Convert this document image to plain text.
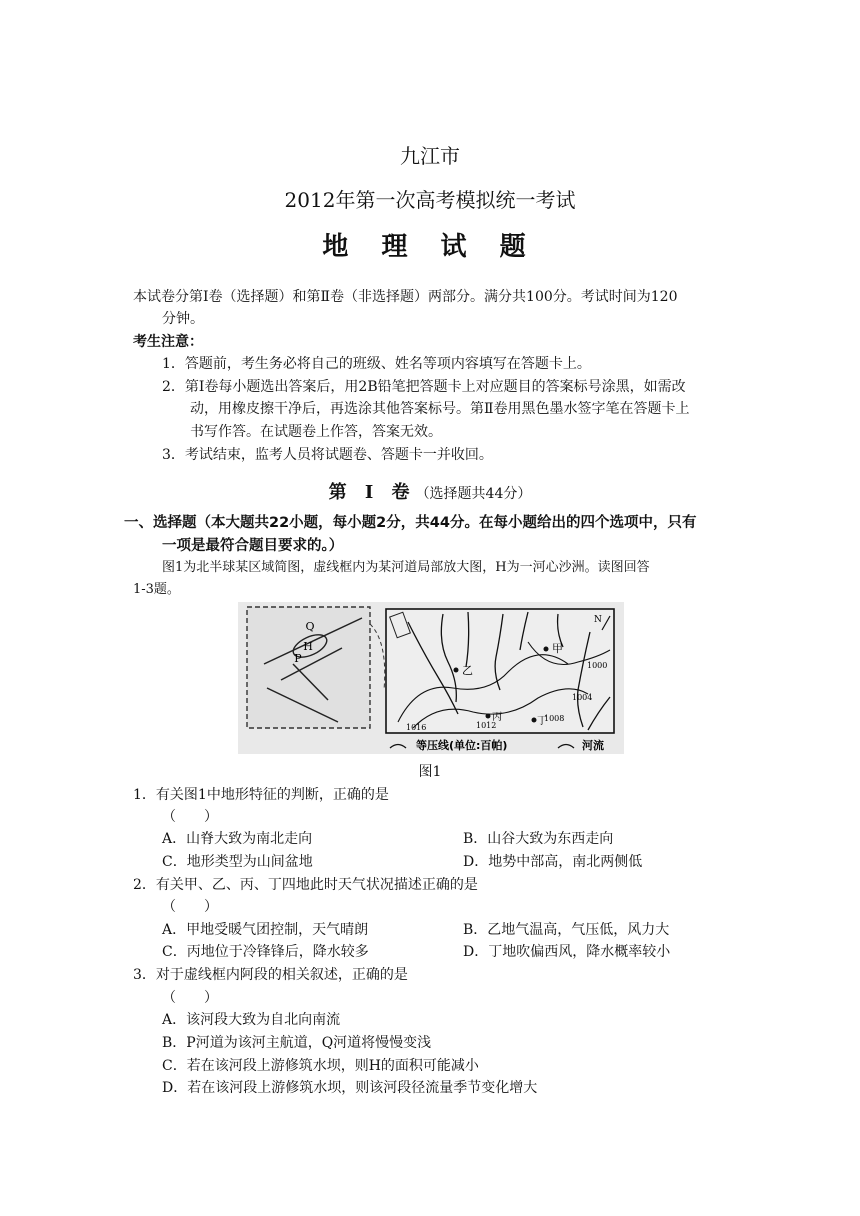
九江市
2012年第一次高考模拟统一考试
地 理 试 题
本试卷分第Ⅰ卷（选择题）和第Ⅱ卷（非选择题）两部分。满分共100分。考试时间为120
分钟。
考生注意：
1．答题前，考生务必将自己的班级、姓名等项内容填写在答题卡上。
2．第Ⅰ卷每小题选出答案后，用2B铅笔把答题卡上对应题目的答案标号涂黑，如需改
动，用橡皮擦干净后，再选涂其他答案标号。第Ⅱ卷用黑色墨水签字笔在答题卡上
书写作答。在试题卷上作答，答案无效。
3．考试结束，监考人员将试题卷、答题卡一并收回。
第 Ⅰ 卷（选择题共44分）
一、选择题（本大题共22小题，每小题2分，共44分。在每小题给出的四个选项中，只有
一项是最符合题目要求的。）
图1为北半球某区域简图，虚线框内为某河道局部放大图，H为一河心沙洲。读图回答
1-3题。
Q
H
P
N
甲
乙
丙	丁
1000
1004
1008
1012
1016
等压线(单位:百帕)	河流
图1
1．有关图1中地形特征的判断，正确的是
（　　）
A．山脊大致为南北走向	B．山谷大致为东西走向
C．地形类型为山间盆地	D．地势中部高，南北两侧低
2．有关甲、乙、丙、丁四地此时天气状况描述正确的是
（　　）
A．甲地受暖气团控制，天气晴朗	B．乙地气温高，气压低，风力大
C．丙地位于冷锋锋后，降水较多	D．丁地吹偏西风，降水概率较小
3．对于虚线框内阿段的相关叙述，正确的是
（　　）
A．该河段大致为自北向南流
B．P河道为该河主航道，Q河道将慢慢变浅
C．若在该河段上游修筑水坝，则H的面积可能减小
D．若在该河段上游修筑水坝，则该河段径流量季节变化增大
